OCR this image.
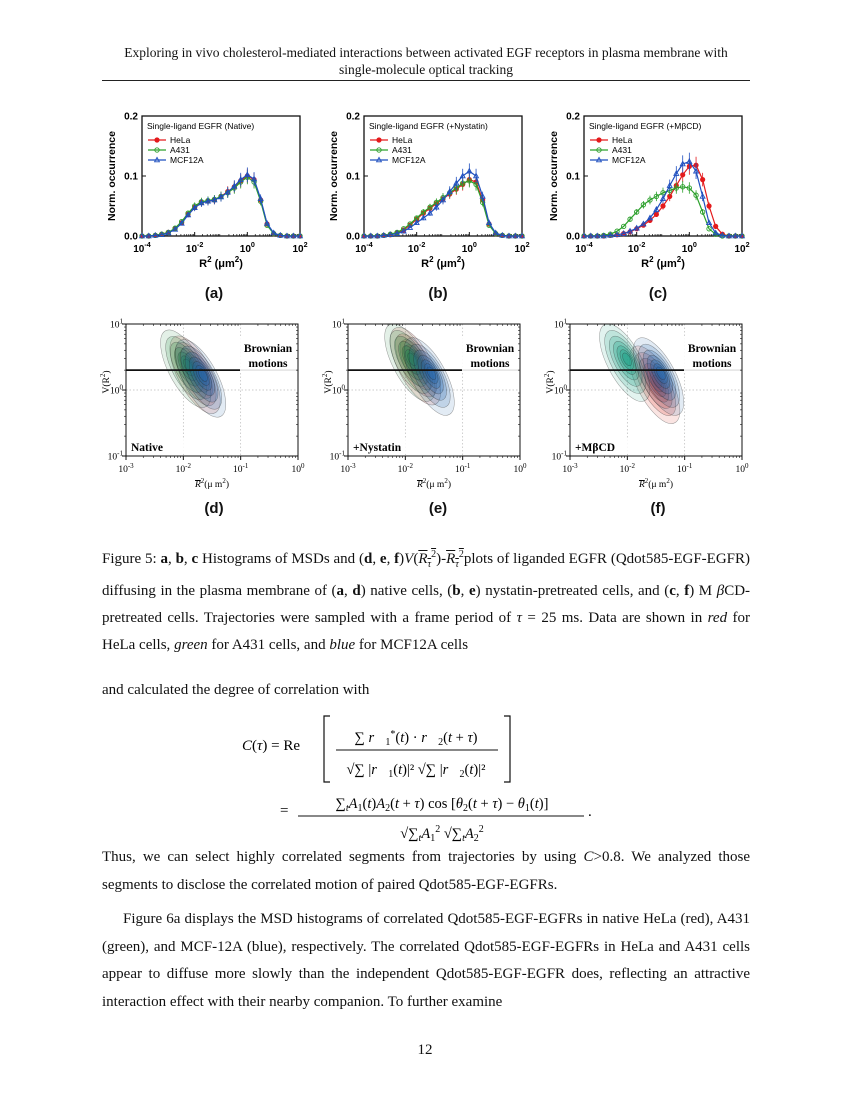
Exploring in vivo cholesterol-mediated interactions between activated EGF receptors in plasma membrane with
single-molecule optical tracking
0.0
0.1
0.2
$10^{-4}$	$10^{-2}$	$10^0$	$10^2$
$R^2$ $(\mu m^2)$
Norm. occurrence
Single-ligand EGFR (Native)
HeLa
A431
MCF12A
0.0
0.1
0.2
$10^{-4}$	$10^{-2}$	$10^0$	$10^2$
$R^2$ $(\mu m^2)$
Norm. occurrence
Single-ligand EGFR (+Nystatin)
HeLa
A431
MCF12A
0.0
0.1
0.2
$10^{-4}$	$10^{-2}$	$10^0$	$10^2$
$R^2$ $(\mu m^2)$
Norm. occurrence
Single-ligand EGFR (+MβCD)
HeLa
A431
MCF12A
(a)	(b)	(c)
Brownian
motions
Native
$10^{-3}$	$10^{-2}$	$10^{-1}$	$10^0$
$10^{-1}$
$10^0$
$10^1$
$R^2(\mu$ $m^2$)
$V(R^2)$
Brownian
motions
+Nystatin
$10^{-3}$	$10^{-2}$	$10^{-1}$	$10^0$
$10^{-1}$
$10^0$
$10^1$
$R^2(\mu$ $m^2$)
$V(R^2)$
Brownian
motions
+MβCD
$10^{-3}$	$10^{-2}$	$10^{-1}$	$10^0$
$10^{-1}$
$10^0$
$10^1$
$R^2(\mu$ $m^2$)
$V(R^2)$
(d)	(e)	(f)
Figure 5: a, b, c Histograms of MSDs and (d, e, $f)V(R_\tau^2)-R_\tau^2plots$ of liganded EGFR (Qdot585-EGF-EGFR) diffusing in the plasma membrane of (a, d) native cells, (b, e) nystatin-pretreated cells, and (c, f) M βCD-pretreated cells. Trajectories were sampled with a frame period of τ = 25 ms. Data are shown in red for HeLa cells, green for A431 cells, and blue for MCF12A cells
and calculated the degree of correlation with
C(τ) = Re	∑ $r⃗_1^*(t)$ · $r⃗_2(t + \tau)$
√∑ $|r⃗_1(t)|^2$ √∑ $|r⃗_2(t)|^2$
=	$\sum_tA_1(t)A_2(t + \tau)$ $\cos [\theta_2(t + \tau) - \theta_1(t)]$	.
$√\sum_tA_1^2$ $√\sum_tA_2^2$
Thus, we can select highly correlated segments from trajectories by using C>0.8. We analyzed those segments to disclose the correlated motion of paired Qdot585-EGF-EGFRs.
Figure 6a displays the MSD histograms of correlated Qdot585-EGF-EGFRs in native HeLa (red), A431 (green), and MCF-12A (blue), respectively. The correlated Qdot585-EGF-EGFRs in HeLa and A431 cells appear to diffuse more slowly than the independent Qdot585-EGF-EGFR does, reflecting an attractive interaction effect with their nearby companion. To further examine
12
